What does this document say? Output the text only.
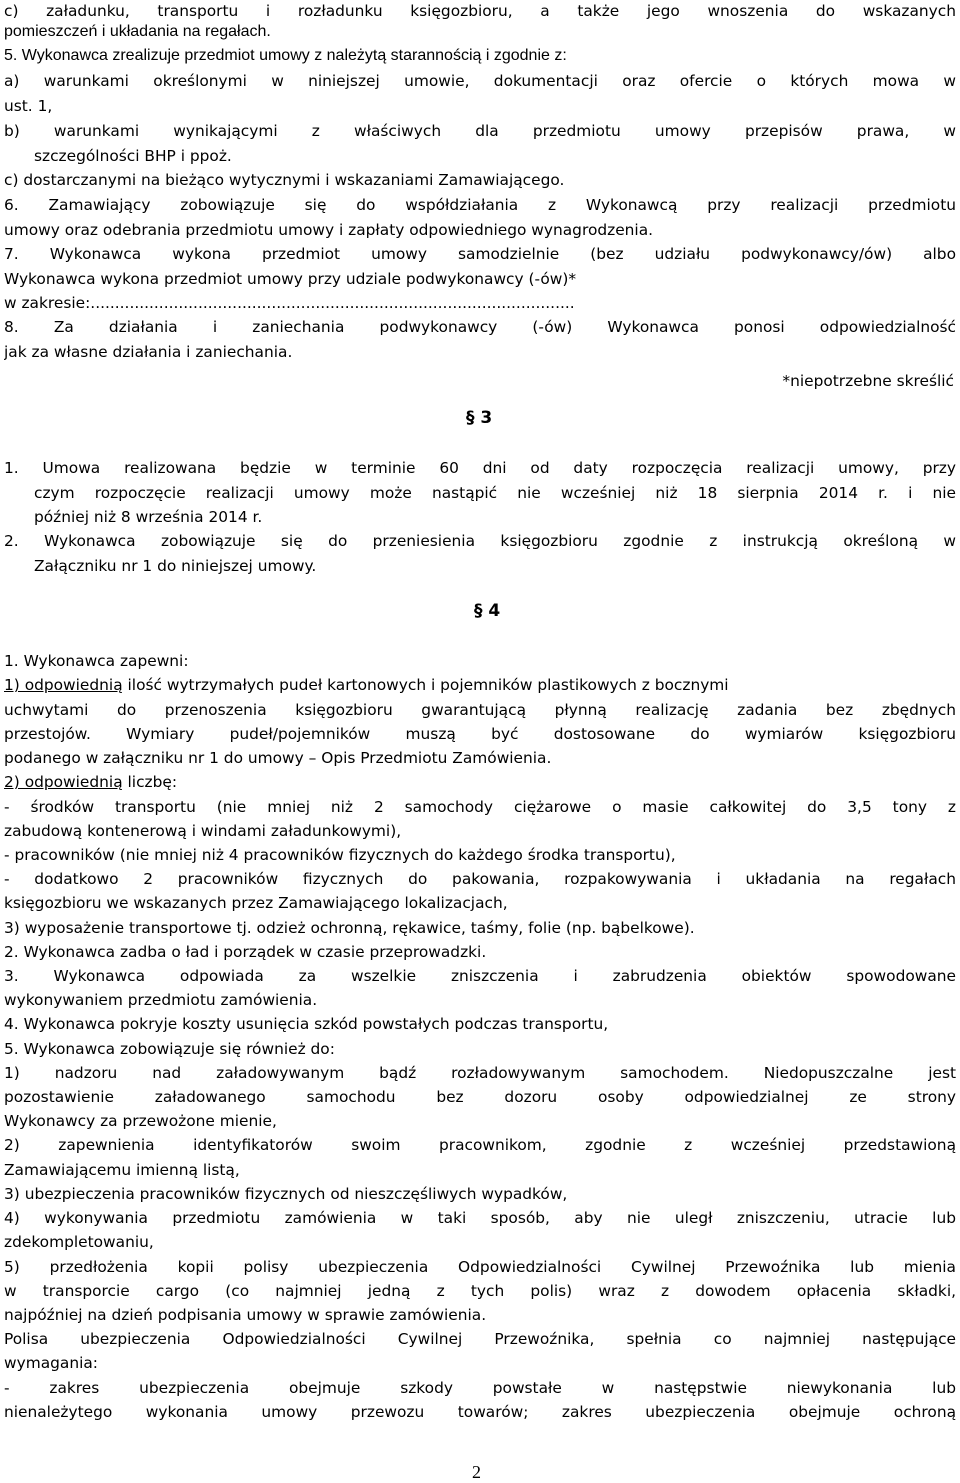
c) załadunku, transportu i rozładunku księgozbioru, a także jego wnoszenia do wskazanych
pomieszczeń i układania na regałach.
5. Wykonawca zrealizuje przedmiot umowy z należytą starannością i zgodnie z:
a) warunkami określonymi w niniejszej umowie, dokumentacji oraz ofercie o których mowa w
ust. 1,
b) warunkami wynikającymi z właściwych dla przedmiotu umowy przepisów prawa, w
szczególności BHP i ppoż.
c) dostarczanymi na bieżąco wytycznymi i wskazaniami Zamawiającego.
6. Zamawiający zobowiązuje się do współdziałania z Wykonawcą przy realizacji przedmiotu
umowy oraz odebrania przedmiotu umowy i zapłaty odpowiedniego wynagrodzenia.
7. Wykonawca wykona przedmiot umowy samodzielnie (bez udziału podwykonawcy/ów) albo
Wykonawca wykona przedmiot umowy przy udziale podwykonawcy (-ów)*
w zakresie:...................................................................................................
8. Za działania i zaniechania podwykonawcy (-ów) Wykonawca ponosi odpowiedzialność
jak za własne działania i zaniechania.
*niepotrzebne skreślić
§ 3
1. Umowa realizowana będzie w terminie 60 dni od daty rozpoczęcia realizacji umowy, przy
czym rozpoczęcie realizacji umowy może nastąpić nie wcześniej niż 18 sierpnia 2014 r. i nie
później niż 8 września 2014 r.
2. Wykonawca zobowiązuje się do przeniesienia księgozbioru zgodnie z instrukcją określoną w
Załączniku nr 1 do niniejszej umowy.
§ 4
1. Wykonawca zapewni:
1) odpowiednią ilość wytrzymałych pudeł kartonowych i pojemników plastikowych z bocznymi
uchwytami do przenoszenia księgozbioru gwarantującą płynną realizację zadania bez zbędnych
przestojów. Wymiary pudeł/pojemników muszą być dostosowane do wymiarów księgozbioru
podanego w załączniku nr 1 do umowy – Opis Przedmiotu Zamówienia.
2) odpowiednią liczbę:
- środków transportu (nie mniej niż 2 samochody ciężarowe o masie całkowitej do 3,5 tony z
zabudową kontenerową i windami załadunkowymi),
- pracowników (nie mniej niż 4 pracowników fizycznych do każdego środka transportu),
- dodatkowo 2 pracowników fizycznych do pakowania, rozpakowywania i układania na regałach
księgozbioru we wskazanych przez Zamawiającego lokalizacjach,
3) wyposażenie transportowe tj. odzież ochronną, rękawice, taśmy, folie (np. bąbelkowe).
2. Wykonawca zadba o ład i porządek w czasie przeprowadzki.
3. Wykonawca odpowiada za wszelkie zniszczenia i zabrudzenia obiektów spowodowane
wykonywaniem przedmiotu zamówienia.
4. Wykonawca pokryje koszty usunięcia szkód powstałych podczas transportu,
5. Wykonawca zobowiązuje się również do:
1) nadzoru nad załadowywanym bądź rozładowywanym samochodem. Niedopuszczalne jest
pozostawienie załadowanego samochodu bez dozoru osoby odpowiedzialnej ze strony
Wykonawcy za przewożone mienie,
2) zapewnienia identyfikatorów swoim pracownikom, zgodnie z wcześniej przedstawioną
Zamawiającemu imienną listą,
3) ubezpieczenia pracowników fizycznych od nieszczęśliwych wypadków,
4) wykonywania przedmiotu zamówienia w taki sposób, aby nie uległ zniszczeniu, utracie lub
zdekompletowaniu,
5) przedłożenia kopii polisy ubezpieczenia Odpowiedzialności Cywilnej Przewoźnika lub mienia
w transporcie cargo (co najmniej jedną z tych polis) wraz z dowodem opłacenia składki,
najpóźniej na dzień podpisania umowy w sprawie zamówienia.
Polisa ubezpieczenia Odpowiedzialności Cywilnej Przewoźnika, spełnia co najmniej następujące
wymagania:
- zakres ubezpieczenia obejmuje szkody powstałe w następstwie niewykonania lub
nienależytego wykonania umowy przewozu towarów; zakres ubezpieczenia obejmuje ochroną
2
